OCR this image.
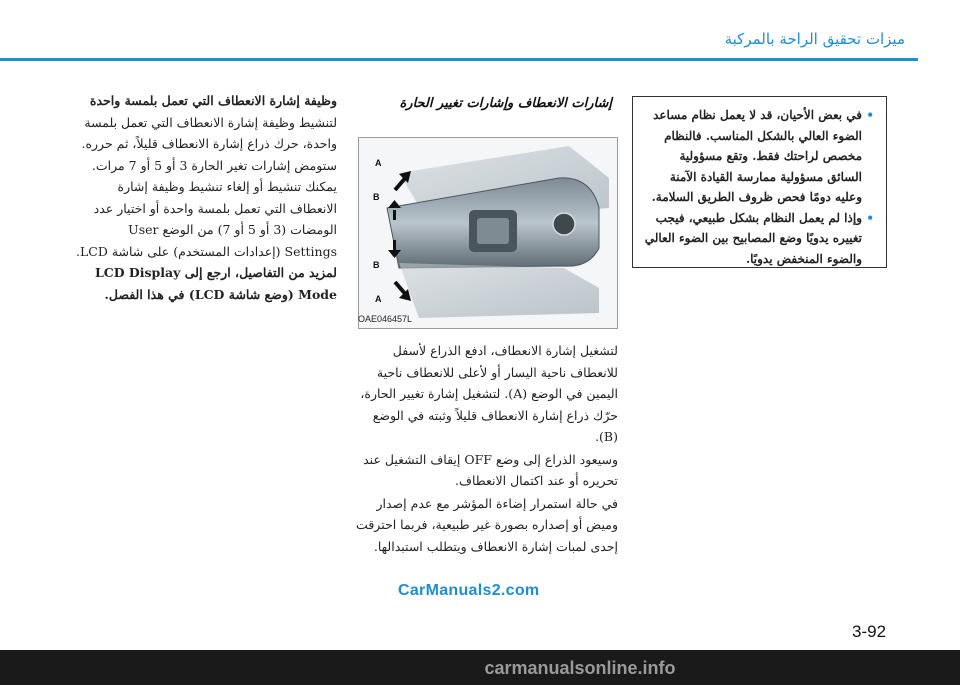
ميزات تحقيق الراحة بالمركبة

وظيفة إشارة الانعطاف التي تعمل بلمسة واحدة

لتنشيط وظيفة إشارة الانعطاف التي تعمل بلمسة واحدة، حرك ذراع إشارة الانعطاف قليلاً، ثم حرره.

ستومض إشارات تغير الحارة 3 أو 5 أو 7 مرات.

يمكنك تنشيط أو إلغاء تنشيط وظيفة إشارة الانعطاف التي تعمل بلمسة واحدة أو اختيار عدد الومضات (3 أو 5 أو 7) من الوضع User Settings (إعدادات المستخدم) على شاشة LCD.

لمزيد من التفاصيل، ارجع إلى LCD Display Mode (وضع شاشة LCD) في هذا الفصل.

إشارات الانعطاف وإشارات تغيير الحارة
A
B
B
A
OAE046457L

لتشغيل إشارة الانعطاف، ادفع الذراع لأسفل للانعطاف ناحية اليسار أو لأعلى للانعطاف ناحية اليمين في الوضع (A). لتشغيل إشارة تغيير الحارة، حرّك ذراع إشارة الانعطاف قليلاً وثبته في الوضع (B).

وسيعود الذراع إلى وضع OFF إيقاف التشغيل عند تحريره أو عند اكتمال الانعطاف.

في حالة استمرار إضاءة المؤشر مع عدم إصدار وميض أو إصداره بصورة غير طبيعية، فربما احترقت إحدى لمبات إشارة الانعطاف ويتطلب استبدالها.

•
في بعض الأحيان، قد لا يعمل نظام مساعد الضوء العالي بالشكل المناسب. فالنظام مخصص لراحتك فقط. وتقع مسؤولية السائق مسؤولية ممارسة القيادة الآمنة وعليه دومًا فحص ظروف الطريق السلامة.
•
وإذا لم يعمل النظام بشكل طبيعي، فيجب تغييره يدويًا وضع المصابيح بين الضوء العالي والضوء المنخفض يدويًا.
CarManuals2.com
3-92
carmanualsonline.info
